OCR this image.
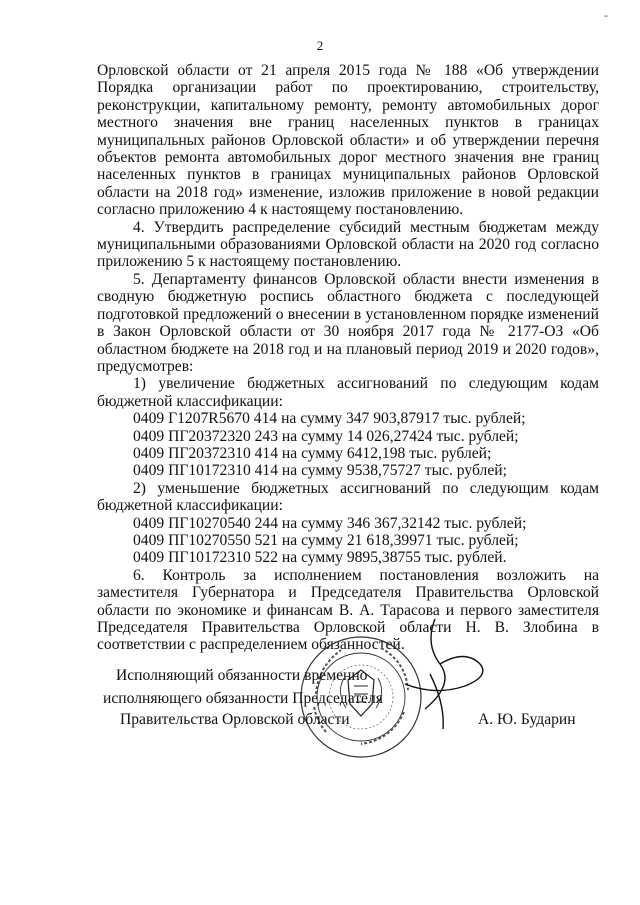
-
2

Орловской области от 21 апреля 2015 года № 188 «Об утверждении Порядка организации работ по проектированию, строительству, реконструкции, капитальному ремонту, ремонту автомобильных дорог местного значения вне границ населенных пунктов в границах муниципальных районов Орловской области» и об утверждении перечня объектов ремонта автомобильных дорог местного значения вне границ населенных пунктов в границах муниципальных районов Орловской области на 2018 год» изменение, изложив приложение в новой редакции согласно приложению 4 к настоящему постановлению.

4. Утвердить распределение субсидий местным бюджетам между муниципальными образованиями Орловской области на 2020 год согласно приложению 5 к настоящему постановлению.

5. Департаменту финансов Орловской области внести изменения в сводную бюджетную роспись областного бюджета с последующей подготовкой предложений о внесении в установленном порядке изменений в Закон Орловской области от 30 ноября 2017 года № 2177-ОЗ «Об областном бюджете на 2018 год и на плановый период 2019 и 2020 годов», предусмотрев:

1) увеличение бюджетных ассигнований по следующим кодам бюджетной классификации:

0409 Г1207R5670 414 на сумму 347 903,87917 тыс. рублей;

0409 ПГ20372320 243 на сумму 14 026,27424 тыс. рублей;

0409 ПГ20372310 414 на сумму 6412,198 тыс. рублей;

0409 ПГ10172310 414 на сумму 9538,75727 тыс. рублей;

2) уменьшение бюджетных ассигнований по следующим кодам бюджетной классификации:

0409 ПГ10270540 244 на сумму 346 367,32142 тыс. рублей;

0409 ПГ10270550 521 на сумму 21 618,39971 тыс. рублей;

0409 ПГ10172310 522 на сумму 9895,38755 тыс. рублей.

6. Контроль за исполнением постановления возложить на заместителя Губернатора и Председателя Правительства Орловской области по экономике и финансам В. А. Тарасова и первого заместителя Председателя Правительства Орловской области Н. В. Злобина в соответствии с распределением обязанностей.

Исполняющий обязанности временно
исполняющего обязанности Председателя
Правительства Орловской области	А. Ю. Бударин
